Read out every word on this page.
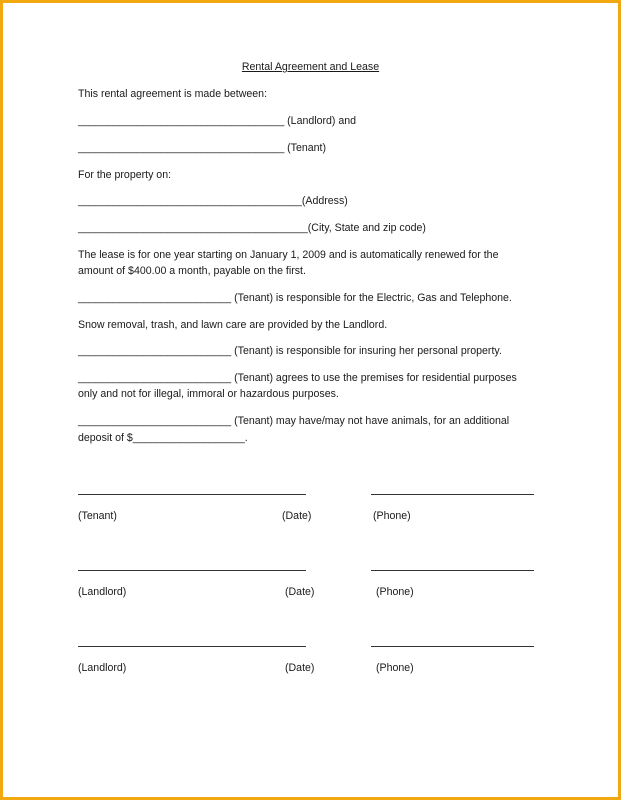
Rental Agreement and Lease
This rental agreement is made between:
___________________________________ (Landlord) and
___________________________________ (Tenant)
For the property on:
______________________________________(Address)
_______________________________________(City, State and zip code)
The lease is for one year starting on January 1, 2009 and is automatically renewed for the
amount of $400.00 a month, payable on the first.
__________________________ (Tenant) is responsible for the Electric, Gas and Telephone.
Snow removal, trash, and lawn care are provided by the Landlord.
__________________________ (Tenant) is responsible for insuring her personal property.
__________________________ (Tenant) agrees to use the premises for residential purposes
only and not for illegal, immoral or hazardous purposes.
__________________________ (Tenant) may have/may not have animals, for an additional
deposit of $___________________.
(Tenant)	(Date)	(Phone)
(Landlord)	(Date)	(Phone)
(Landlord)	(Date)	(Phone)
